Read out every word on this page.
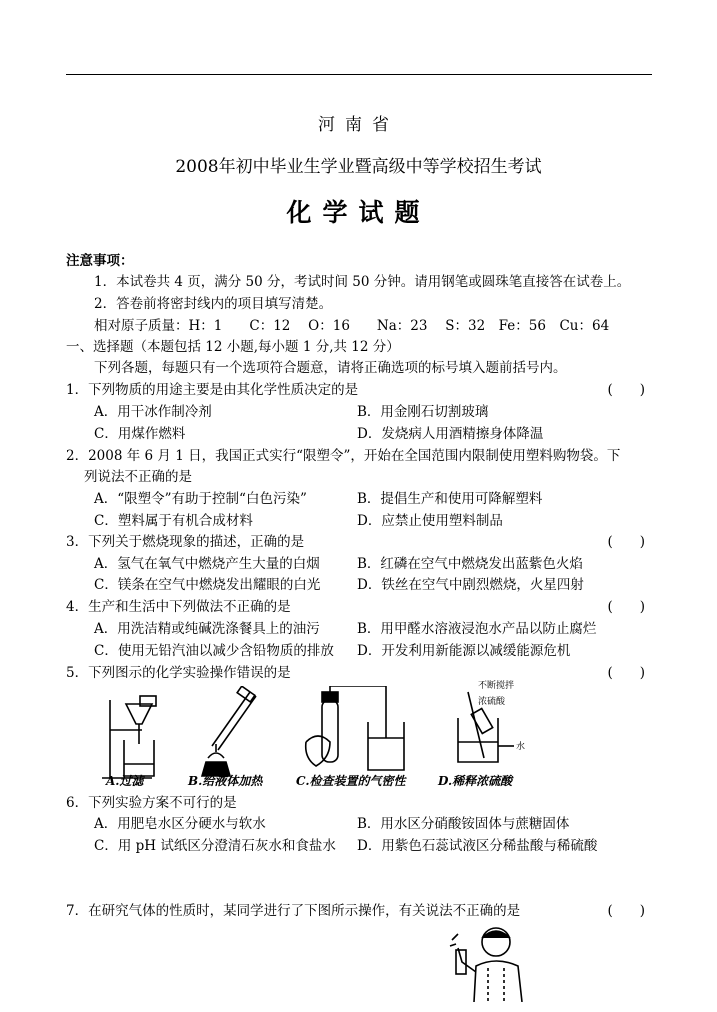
河南省
2008年初中毕业生学业暨高级中等学校招生考试
化学试题
注意事项：
1．本试卷共 4 页，满分 50 分，考试时间 50 分钟。请用钢笔或圆珠笔直接答在试卷上。
2．答卷前将密封线内的项目填写清楚。
相对原子质量：H：1　　C：12　 O：16　　Na：23　 S：32　Fe：56　Cu：64
一、选择题（本题包括 12 小题,每小题 1 分,共 12 分）
下列各题，每题只有一个选项符合题意，请将正确选项的标号填入题前括号内。
1．下列物质的用途主要是由其化学性质决定的是	(　　)
A．用干冰作制冷剂	B．用金刚石切割玻璃
C．用煤作燃料	D．发烧病人用酒精擦身体降温
2．2008 年 6 月 1 日，我国正式实行“限塑令”，开始在全国范围内限制使用塑料购物袋。下
列说法不正确的是
A．“限塑令”有助于控制“白色污染”	B．提倡生产和使用可降解塑料
C．塑料属于有机合成材料	D．应禁止使用塑料制品
3．下列关于燃烧现象的描述，正确的是	(　　)
A．氢气在氧气中燃烧产生大量的白烟	B．红磷在空气中燃烧发出蓝紫色火焰
C．镁条在空气中燃烧发出耀眼的白光	D．铁丝在空气中剧烈燃烧，火星四射
4．生产和生活中下列做法不正确的是	(　　)
A．用洗洁精或纯碱洗涤餐具上的油污	B．用甲醛水溶液浸泡水产品以防止腐烂
C．使用无铅汽油以减少含铅物质的排放 D．开发利用新能源以减缓能源危机
5．下列图示的化学实验操作错误的是	(　　)
A.过滤	B.给液体加热	C.检查装置的气密性
不断搅拌
浓硫酸
水
D.稀释浓硫酸
6．下列实验方案不可行的是
A．用肥皂水区分硬水与软水	B．用水区分硝酸铵固体与蔗糖固体
C．用 pH 试纸区分澄清石灰水和食盐水 D．用紫色石蕊试液区分稀盐酸与稀硫酸
7．在研究气体的性质时，某同学进行了下图所示操作，有关说法不正确的是	(　　)
